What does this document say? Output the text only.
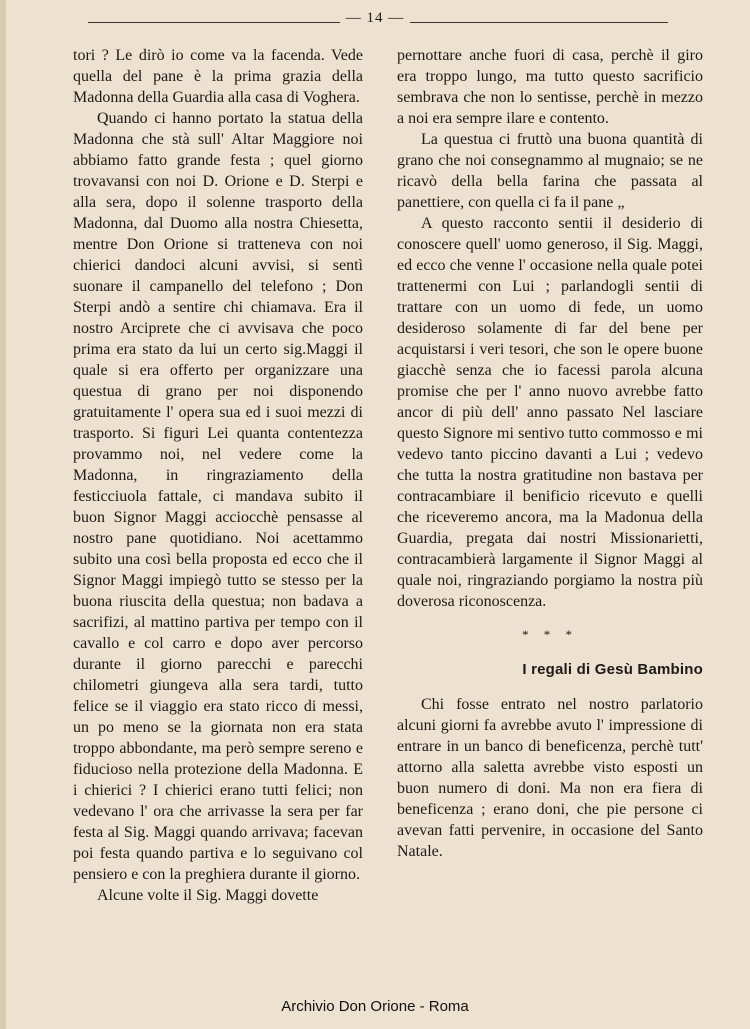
— 14 —

tori ? Le dirò io come va la facenda. Vede quella del pane è la prima grazia della Madonna della Guardia alla casa di Voghera.

Quando ci hanno portato la statua della Madonna che stà sull' Altar Maggiore noi abbiamo fatto grande festa ; quel giorno trovavansi con noi D. Orione e D. Sterpi e alla sera, dopo il solenne trasporto della Madonna, dal Duomo alla nostra Chiesetta, mentre Don Orione si tratteneva con noi chierici dandoci alcuni avvisi, si sentì suonare il campanello del telefono ; Don Sterpi andò a sentire chi chiamava. Era il nostro Arciprete che ci avvisava che poco prima era stato da lui un certo sig.Maggi il quale si era offerto per organizzare una questua di grano per noi disponendo gratuitamente l' opera sua ed i suoi mezzi di trasporto. Si figuri Lei quanta contentezza provammo noi, nel vedere come la Madonna, in ringraziamento della festicciuola fattale, ci mandava subito il buon Signor Maggi acciocchè pensasse al nostro pane quotidiano. Noi acettammo subito una così bella proposta ed ecco che il Signor Maggi impiegò tutto se stesso per la buona riuscita della questua; non badava a sacrifizi, al mattino partiva per tempo con il cavallo e col carro e dopo aver percorso durante il giorno parecchi e parecchi chilometri giungeva alla sera tardi, tutto felice se il viaggio era stato ricco di messi, un po meno se la giornata non era stata troppo abbondante, ma però sempre sereno e fiducioso nella protezione della Madonna. E i chierici ? I chierici erano tutti felici; non vedevano l' ora che arrivasse la sera per far festa al Sig. Maggi quando arrivava; facevan poi festa quando partiva e lo seguivano col pensiero e con la preghiera durante il giorno.

Alcune volte il Sig. Maggi dovette

pernottare anche fuori di casa, perchè il giro era troppo lungo, ma tutto questo sacrificio sembrava che non lo sentisse, perchè in mezzo a noi era sempre ilare e contento.

La questua ci fruttò una buona quantità di grano che noi consegnammo al mugnaio; se ne ricavò della bella farina che passata al panettiere, con quella ci fa il pane „

A questo racconto sentii il desiderio di conoscere quell' uomo generoso, il Sig. Maggi, ed ecco che venne l' occasione nella quale potei trattenermi con Lui ; parlandogli sentii di trattare con un uomo di fede, un uomo desideroso solamente di far del bene per acquistarsi i veri tesori, che son le opere buone giacchè senza che io facessi parola alcuna promise che per l' anno nuovo avrebbe fatto ancor di più dell' anno passato Nel lasciare questo Signore mi sentivo tutto commosso e mi vedevo tanto piccino davanti a Lui ; vedevo che tutta la nostra gratitudine non bastava per contracambiare il benificio ricevuto e quelli che riceveremo ancora, ma la Madonua della Guardia, pregata dai nostri Missionarietti, contracambierà largamente il Signor Maggi al quale noi, ringraziando porgiamo la nostra più doverosa riconoscenza.

* * *
I regali di Gesù Bambino

Chi fosse entrato nel nostro parlatorio alcuni giorni fa avrebbe avuto l' impressione di entrare in un banco di beneficenza, perchè tutt' attorno alla saletta avrebbe visto esposti un buon numero di doni. Ma non era fiera di beneficenza ; erano doni, che pie persone ci avevan fatti pervenire, in occasione del Santo Natale.

Archivio Don Orione - Roma
